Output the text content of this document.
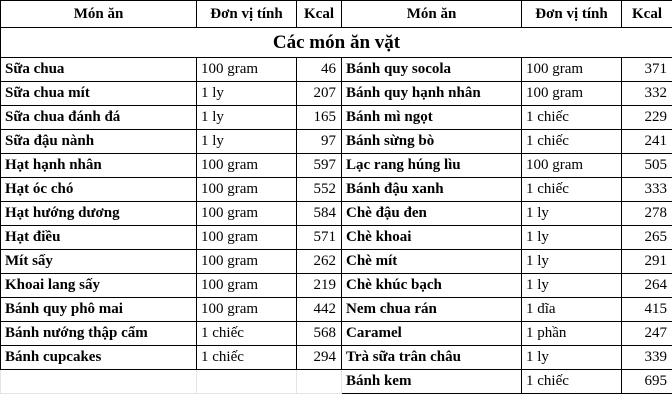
Món ăn	Đơn vị tính	Kcal	Món ăn	Đơn vị tính	Kcal
Các món ăn vặt					
Sữa chua	100 gram	46	Bánh quy socola	100 gram	371
Sữa chua mít	1 ly	207	Bánh quy hạnh nhân	100 gram	332
Sữa chua đánh đá	1 ly	165	Bánh mì ngọt	1 chiếc	229
Sữa đậu nành	1 ly	97	Bánh sừng bò	1 chiếc	241
Hạt hạnh nhân	100 gram	597	Lạc rang húng lìu	100 gram	505
Hạt óc chó	100 gram	552	Bánh đậu xanh	1 chiếc	333
Hạt hướng dương	100 gram	584	Chè đậu đen	1 ly	278
Hạt điều	100 gram	571	Chè khoai	1 ly	265
Mít sấy	100 gram	262	Chè mít	1 ly	291
Khoai lang sấy	100 gram	219	Chè khúc bạch	1 ly	264
Bánh quy phô mai	100 gram	442	Nem chua rán	1 dĩa	415
Bánh nướng thập cẩm	1 chiếc	568	Caramel	1 phần	247
Bánh cupcakes	1 chiếc	294	Trà sữa trân châu	1 ly	339
			Bánh kem	1 chiếc	695
